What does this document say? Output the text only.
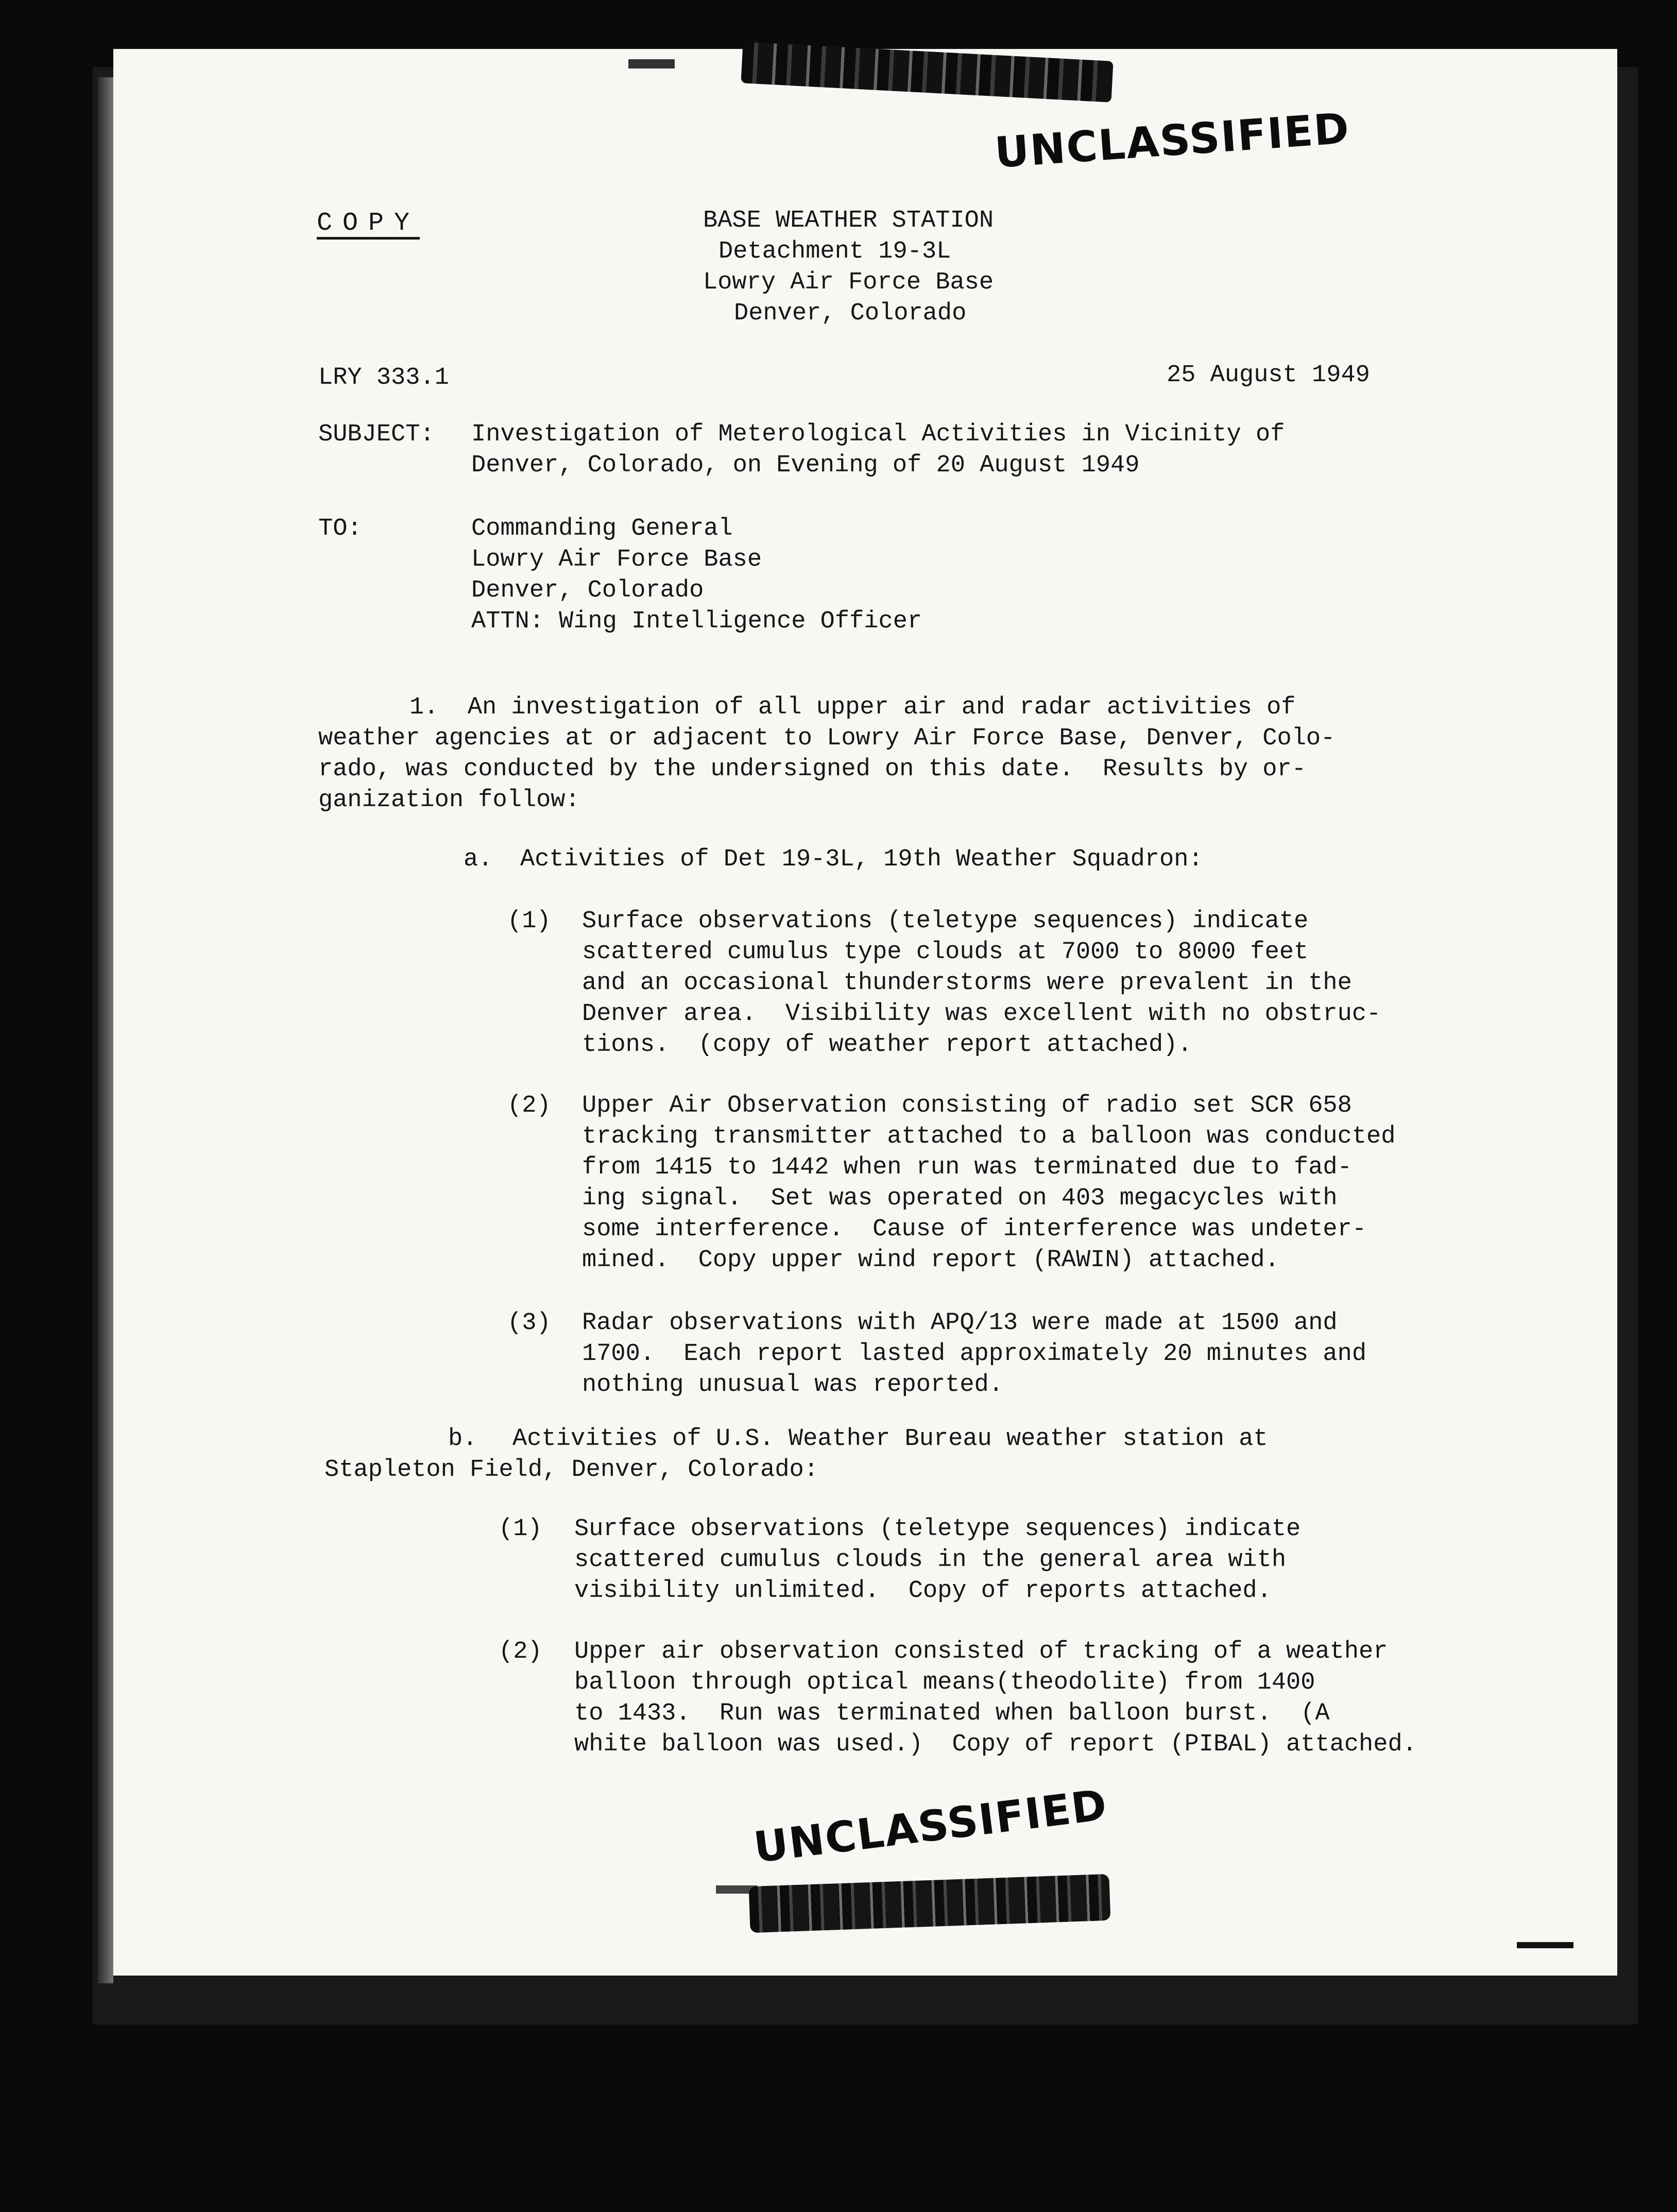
UNCLASSIFIED
COPY	BASE WEATHER STATION
Detachment 19-3L
Lowry Air Force Base
Denver, Colorado
LRY 333.1	25 August 1949
SUBJECT: Investigation of Meterological Activities in Vicinity of
Denver, Colorado, on Evening of 20 August 1949
TO:	Commanding General
Lowry Air Force Base
Denver, Colorado
ATTN: Wing Intelligence Officer
1.  An investigation of all upper air and radar activities of
weather agencies at or adjacent to Lowry Air Force Base, Denver, Colo-
rado, was conducted by the undersigned on this date.  Results by or-
ganization follow:
a. Activities of Det 19-3L, 19th Weather Squadron:
(1) Surface observations (teletype sequences) indicate
scattered cumulus type clouds at 7000 to 8000 feet
and an occasional thunderstorms were prevalent in the
Denver area.  Visibility was excellent with no obstruc-
tions.  (copy of weather report attached).
(2) Upper Air Observation consisting of radio set SCR 658
tracking transmitter attached to a balloon was conducted
from 1415 to 1442 when run was terminated due to fad-
ing signal.  Set was operated on 403 megacycles with
some interference.  Cause of interference was undeter-
mined.  Copy upper wind report (RAWIN) attached.
(3) Radar observations with APQ/13 were made at 1500 and
1700.  Each report lasted approximately 20 minutes and
nothing unusual was reported.
b. Activities of U.S. Weather Bureau weather station at
Stapleton Field, Denver, Colorado:
(1) Surface observations (teletype sequences) indicate
scattered cumulus clouds in the general area with
visibility unlimited.  Copy of reports attached.
(2) Upper air observation consisted of tracking of a weather
balloon through optical means(theodolite) from 1400
to 1433.  Run was terminated when balloon burst.  (A
white balloon was used.)  Copy of report (PIBAL) attached.
UNCLASSIFIED
